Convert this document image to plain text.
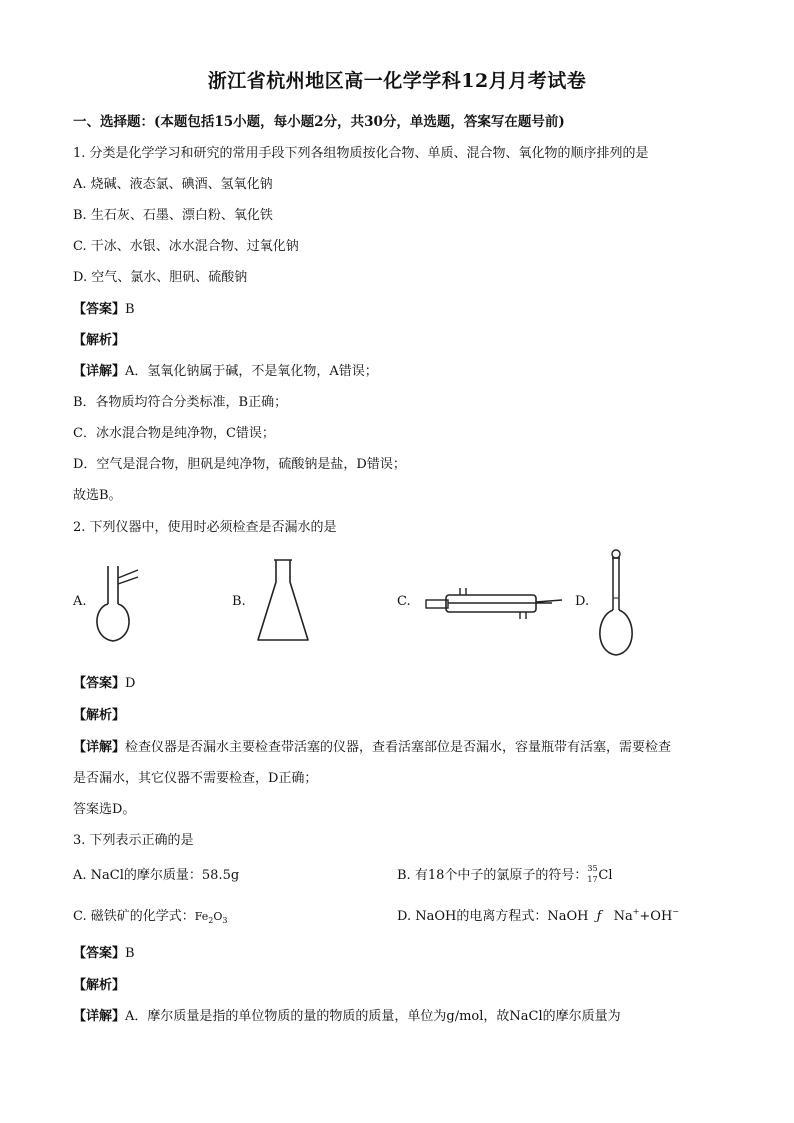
浙江省杭州地区高一化学学科12月月考试卷
一、选择题：(本题包括15小题，每小题2分，共30分，单选题，答案写在题号前)
1. 分类是化学学习和研究的常用手段下列各组物质按化合物、单质、混合物、氧化物的顺序排列的是
A. 烧碱、液态氯、碘酒、氢氧化钠
B. 生石灰、石墨、漂白粉、氧化铁
C. 干冰、水银、冰水混合物、过氧化钠
D. 空气、氯水、胆矾、硫酸钠
【答案】B
【解析】
【详解】A．氢氧化钠属于碱，不是氧化物，A错误；
B．各物质均符合分类标准，B正确；
C．冰水混合物是纯净物，C错误；
D．空气是混合物，胆矾是纯净物，硫酸钠是盐，D错误；
故选B。
2. 下列仪器中，使用时必须检查是否漏水的是
A.	B.	C.	D.
【答案】D
【解析】
【详解】检查仪器是否漏水主要检查带活塞的仪器，查看活塞部位是否漏水，容量瓶带有活塞，需要检查
是否漏水，其它仪器不需要检查，D正确；
答案选D。
3. 下列表示正确的是
A. NaCl的摩尔质量：58.5g	B. 有18个中子的氯原子的符号： 35
17 Cl
C. 磁铁矿的化学式：$Fe_2O_3$	D. NaOH的电离方程式：NaOH ƒ Na++OH−
【答案】B
【解析】
【详解】A．摩尔质量是指的单位物质的量的物质的质量，单位为g/mol，故NaCl的摩尔质量为
